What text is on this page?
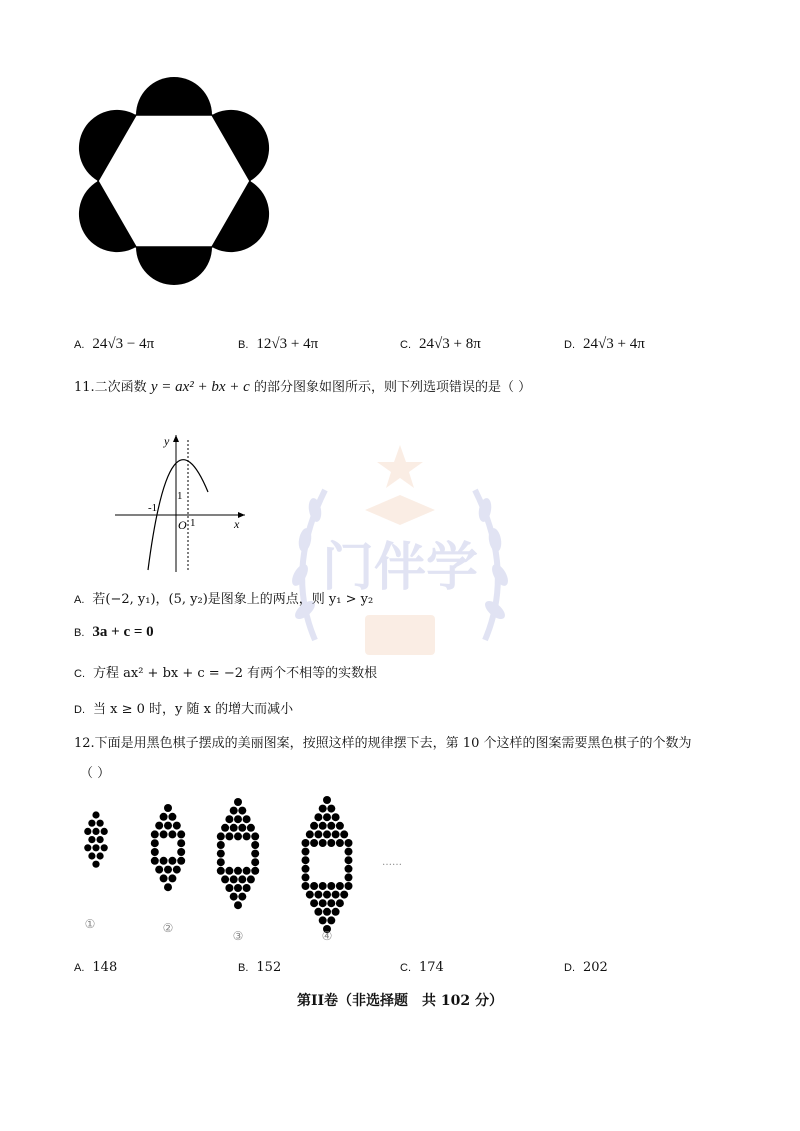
门伴学
A. 24√3 − 4π	B. 12√3 + 4π	C. 24√3 + 8π	D. 24√3 + 4π
11.二次函数 y = ax² + bx + c 的部分图象如图所示，则下列选项错误的是（ ）
y
x
O
-1
1
1
A. 若(−2, y₁)，(5, y₂)是图象上的两点，则 y₁ > y₂
B. 3a + c = 0
C. 方程 ax² + bx + c = −2 有两个不相等的实数根
D. 当 x ≥ 0 时，y 随 x 的增大而减小
12.下面是用黑色棋子摆成的美丽图案，按照这样的规律摆下去，第 10 个这样的图案需要黑色棋子的个数为
（ ）
①	②
③	④
……
A. 148	B. 152	C. 174	D. 202
第II卷（非选择题　共 102 分）
